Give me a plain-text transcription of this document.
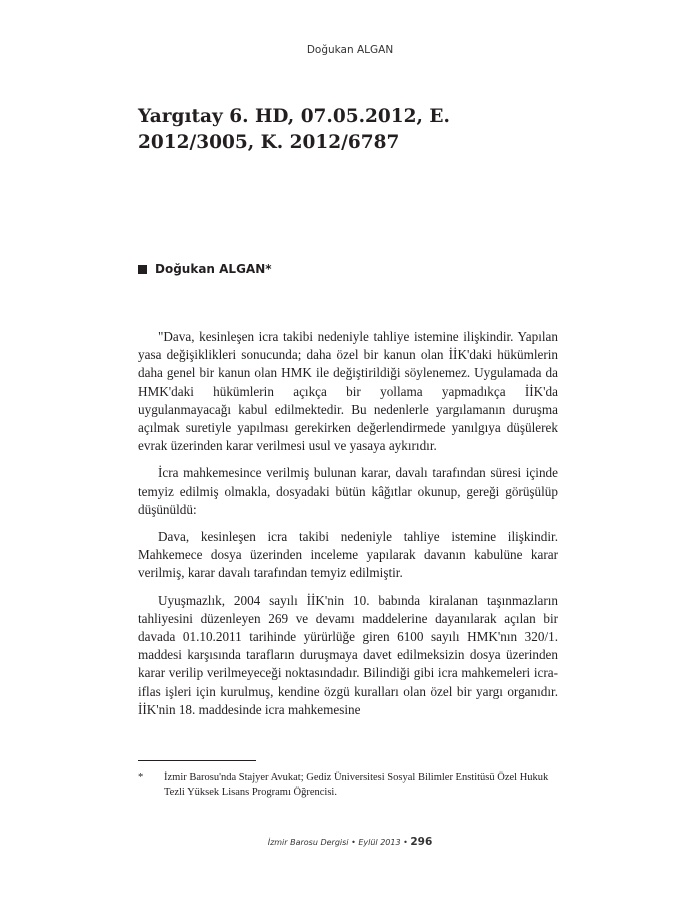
Doğukan ALGAN
Yargıtay 6. HD, 07.05.2012, E. 2012/3005, K. 2012/6787
Doğukan ALGAN*

"Dava, kesinleşen icra takibi nedeniyle tahliye istemine ilişkindir. Yapılan yasa değişiklikleri sonucunda; daha özel bir kanun olan İİK'daki hükümlerin daha genel bir kanun olan HMK ile değiştirildiği söylenemez. Uygulamada da HMK'daki hükümlerin açıkça bir yollama yapmadıkça İİK'da uygulanmayacağı kabul edilmektedir. Bu nedenlerle yargılamanın duruşma açılmak suretiyle yapılması gerekirken değerlendirmede yanılgıya düşülerek evrak üzerinden karar verilmesi usul ve yasaya aykırıdır.

İcra mahkemesince verilmiş bulunan karar, davalı tarafından süresi içinde temyiz edilmiş olmakla, dosyadaki bütün kâğıtlar okunup, gereği görüşülüp düşünüldü:

Dava, kesinleşen icra takibi nedeniyle tahliye istemine ilişkindir. Mahkemece dosya üzerinden inceleme yapılarak davanın kabulüne karar verilmiş, karar davalı tarafından temyiz edilmiştir.

Uyuşmazlık, 2004 sayılı İİK'nin 10. babında kiralanan taşınmazların tahliyesini düzenleyen 269 ve devamı maddelerine dayanılarak açılan bir davada 01.10.2011 tarihinde yürürlüğe giren 6100 sayılı HMK'nın 320/1. maddesi karşısında tarafların duruşmaya davet edilmeksizin dosya üzerinden karar verilip verilmeyeceği noktasındadır. Bilindiği gibi icra mahkemeleri icra-iflas işleri için kurulmuş, kendine özgü kuralları olan özel bir yargı organıdır. İİK'nin 18. maddesinde icra mahkemesine

*	İzmir Barosu'nda Stajyer Avukat; Gediz Üniversitesi Sosyal Bilimler Enstitüsü Özel Hukuk Tezli Yüksek Lisans Programı Öğrencisi.
İzmir Barosu Dergisi • Eylül 2013 • 296
